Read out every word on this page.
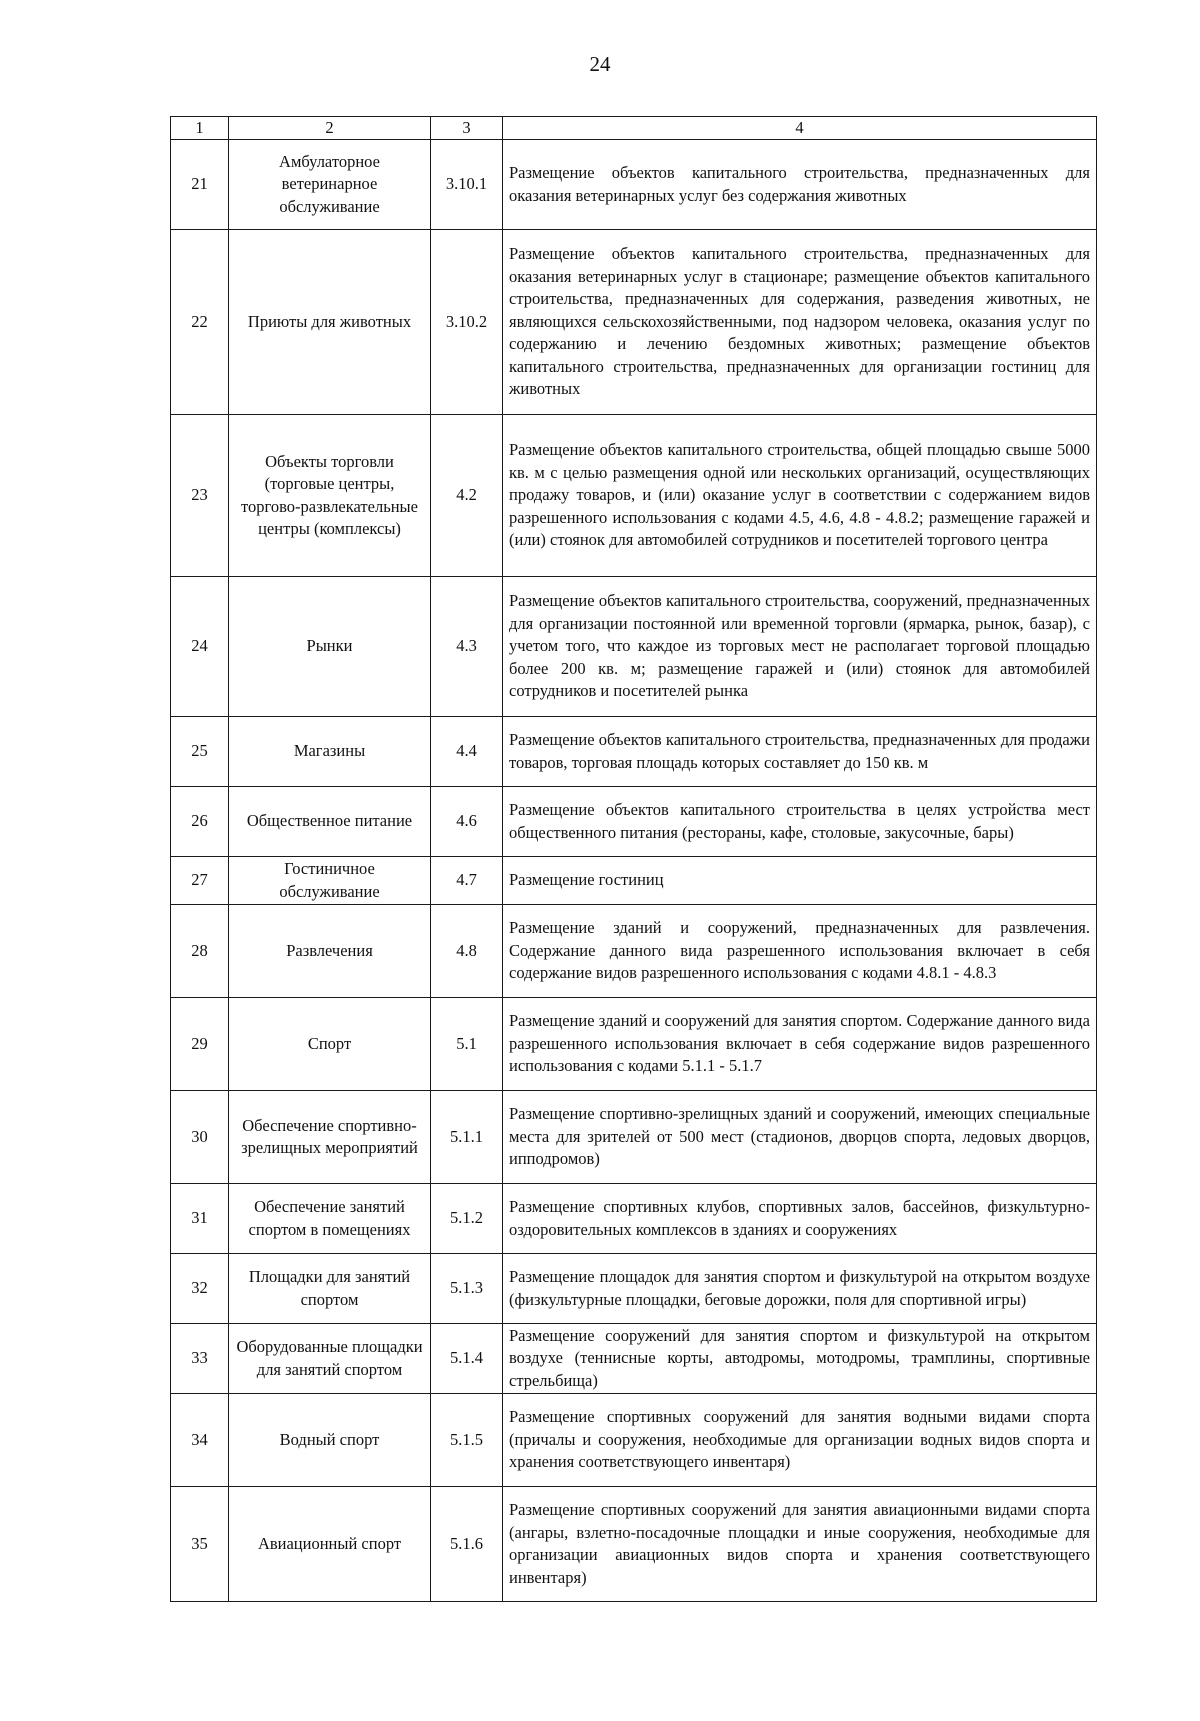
24
1	2	3	4
21	Амбулаторное ветеринарное обслуживание	3.10.1	Размещение объектов капитального строительства, предназначенных для оказания ветеринарных услуг без содержания животных
22	Приюты для животных	3.10.2	Размещение объектов капитального строительства, предназначенных для оказания ветеринарных услуг в стационаре; размещение объектов капитального строительства, предназначенных для содержания, разведения животных, не являющихся сельскохозяйственными, под надзором человека, оказания услуг по содержанию и лечению бездомных животных; размещение объектов капитального строительства, предназначенных для организации гостиниц для животных
23	Объекты торговли (торговые центры, торгово-развлекательные центры (комплексы)	4.2	Размещение объектов капитального строительства, общей площадью свыше 5000 кв. м с целью размещения одной или нескольких организаций, осуществляющих продажу товаров, и (или) оказание услуг в соответствии с содержанием видов разрешенного использования с кодами 4.5, 4.6, 4.8 - 4.8.2; размещение гаражей и (или) стоянок для автомобилей сотрудников и посетителей торгового центра
24	Рынки	4.3	Размещение объектов капитального строительства, сооружений, предназначенных для организации постоянной или временной торговли (ярмарка, рынок, базар), с учетом того, что каждое из торговых мест не располагает торговой площадью более 200 кв. м; размещение гаражей и (или) стоянок для автомобилей сотрудников и посетителей рынка
25	Магазины	4.4	Размещение объектов капитального строительства, предназначенных для продажи товаров, торговая площадь которых составляет до 150 кв. м
26	Общественное питание	4.6	Размещение объектов капитального строительства в целях устройства мест общественного питания (рестораны, кафе, столовые, закусочные, бары)
27	Гостиничное обслуживание	4.7	Размещение гостиниц
28	Развлечения	4.8	Размещение зданий и сооружений, предназначенных для развлечения. Содержание данного вида разрешенного использования включает в себя содержание видов разрешенного использования с кодами 4.8.1 - 4.8.3
29	Спорт	5.1	Размещение зданий и сооружений для занятия спортом. Содержание данного вида разрешенного использования включает в себя содержание видов разрешенного использования с кодами 5.1.1 - 5.1.7
30	Обеспечение спортивно-зрелищных мероприятий	5.1.1	Размещение спортивно-зрелищных зданий и сооружений, имеющих специальные места для зрителей от 500 мест (стадионов, дворцов спорта, ледовых дворцов, ипподромов)
31	Обеспечение занятий спортом в помещениях	5.1.2	Размещение спортивных клубов, спортивных залов, бассейнов, физкультурно-оздоровительных комплексов в зданиях и сооружениях
32	Площадки для занятий спортом	5.1.3	Размещение площадок для занятия спортом и физкультурой на открытом воздухе (физкультурные площадки, беговые дорожки, поля для спортивной игры)
33	Оборудованные площадки для занятий спортом	5.1.4	Размещение сооружений для занятия спортом и физкультурой на открытом воздухе (теннисные корты, автодромы, мотодромы, трамплины, спортивные стрельбища)
34	Водный спорт	5.1.5	Размещение спортивных сооружений для занятия водными видами спорта (причалы и сооружения, необходимые для организации водных видов спорта и хранения соответствующего инвентаря)
35	Авиационный спорт	5.1.6	Размещение спортивных сооружений для занятия авиационными видами спорта (ангары, взлетно-посадочные площадки и иные сооружения, необходимые для организации авиационных видов спорта и хранения соответствующего инвентаря)
